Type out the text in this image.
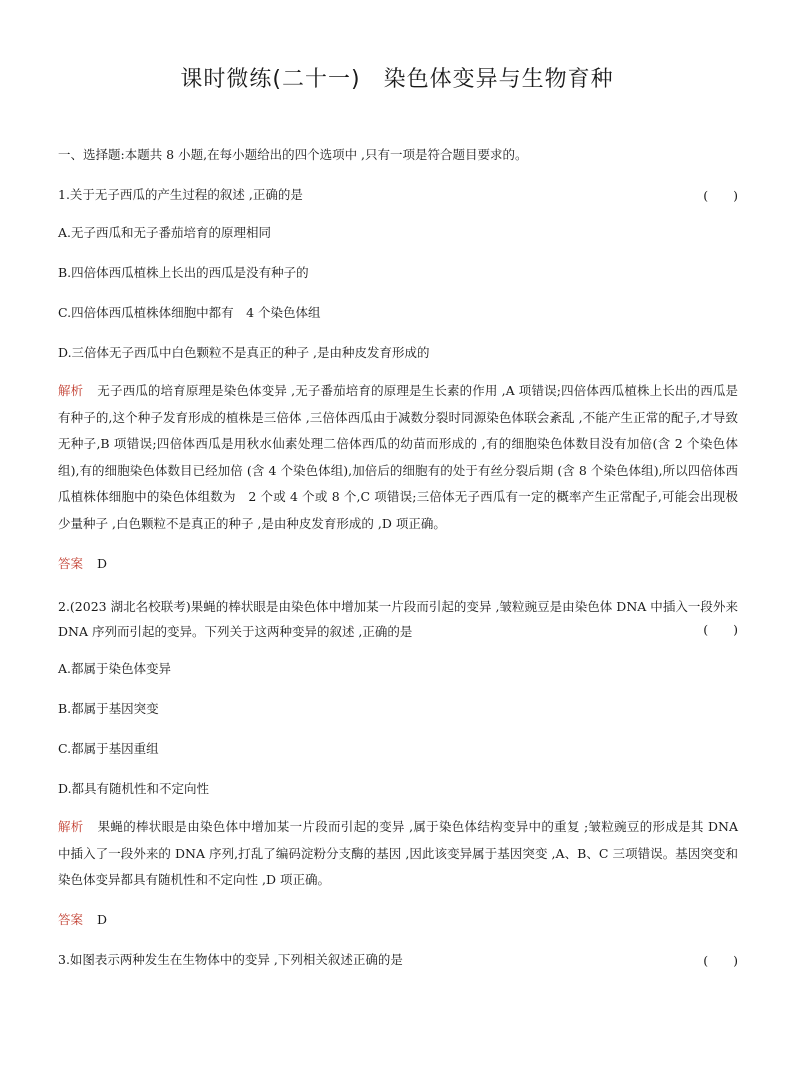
课时微练(二十一)　染色体变异与生物育种
一、选择题:本题共 8 小题,在每小题给出的四个选项中 ,只有一项是符合题目要求的。
1.关于无子西瓜的产生过程的叙述 ,正确的是	(　　)
A.无子西瓜和无子番茄培育的原理相同
B.四倍体西瓜植株上长出的西瓜是没有种子的
C.四倍体西瓜植株体细胞中都有　4 个染色体组
D.三倍体无子西瓜中白色颗粒不是真正的种子 ,是由种皮发育形成的
解析 无子西瓜的培育原理是染色体变异 ,无子番茄培育的原理是生长素的作用 ,A 项错误;四倍体西瓜植株上长出的西瓜是有种子的,这个种子发育形成的植株是三倍体 ,三倍体西瓜由于减数分裂时同源染色体联会紊乱 ,不能产生正常的配子,才导致无种子,B 项错误;四倍体西瓜是用秋水仙素处理二倍体西瓜的幼苗而形成的 ,有的细胞染色体数目没有加倍(含 2 个染色体组),有的细胞染色体数目已经加倍 (含 4 个染色体组),加倍后的细胞有的处于有丝分裂后期 (含 8 个染色体组),所以四倍体西瓜植株体细胞中的染色体组数为　2 个或 4 个或 8 个,C 项错误;三倍体无子西瓜有一定的概率产生正常配子,可能会出现极少量种子 ,白色颗粒不是真正的种子 ,是由种皮发育形成的 ,D 项正确。
答案 D
2.(2023 湖北名校联考)果蝇的棒状眼是由染色体中增加某一片段而引起的变异 ,皱粒豌豆是由染色体 DNA 中插入一段外来 DNA 序列而引起的变异。下列关于这两种变异的叙述 ,正确的是	(　　)
A.都属于染色体变异
B.都属于基因突变
C.都属于基因重组
D.都具有随机性和不定向性
解析 果蝇的棒状眼是由染色体中增加某一片段而引起的变异 ,属于染色体结构变异中的重复 ;皱粒豌豆的形成是其 DNA 中插入了一段外来的 DNA 序列,打乱了编码淀粉分支酶的基因 ,因此该变异属于基因突变 ,A、B、C 三项错误。基因突变和染色体变异都具有随机性和不定向性 ,D 项正确。
答案 D
3.如图表示两种发生在生物体中的变异 ,下列相关叙述正确的是	(　　)
